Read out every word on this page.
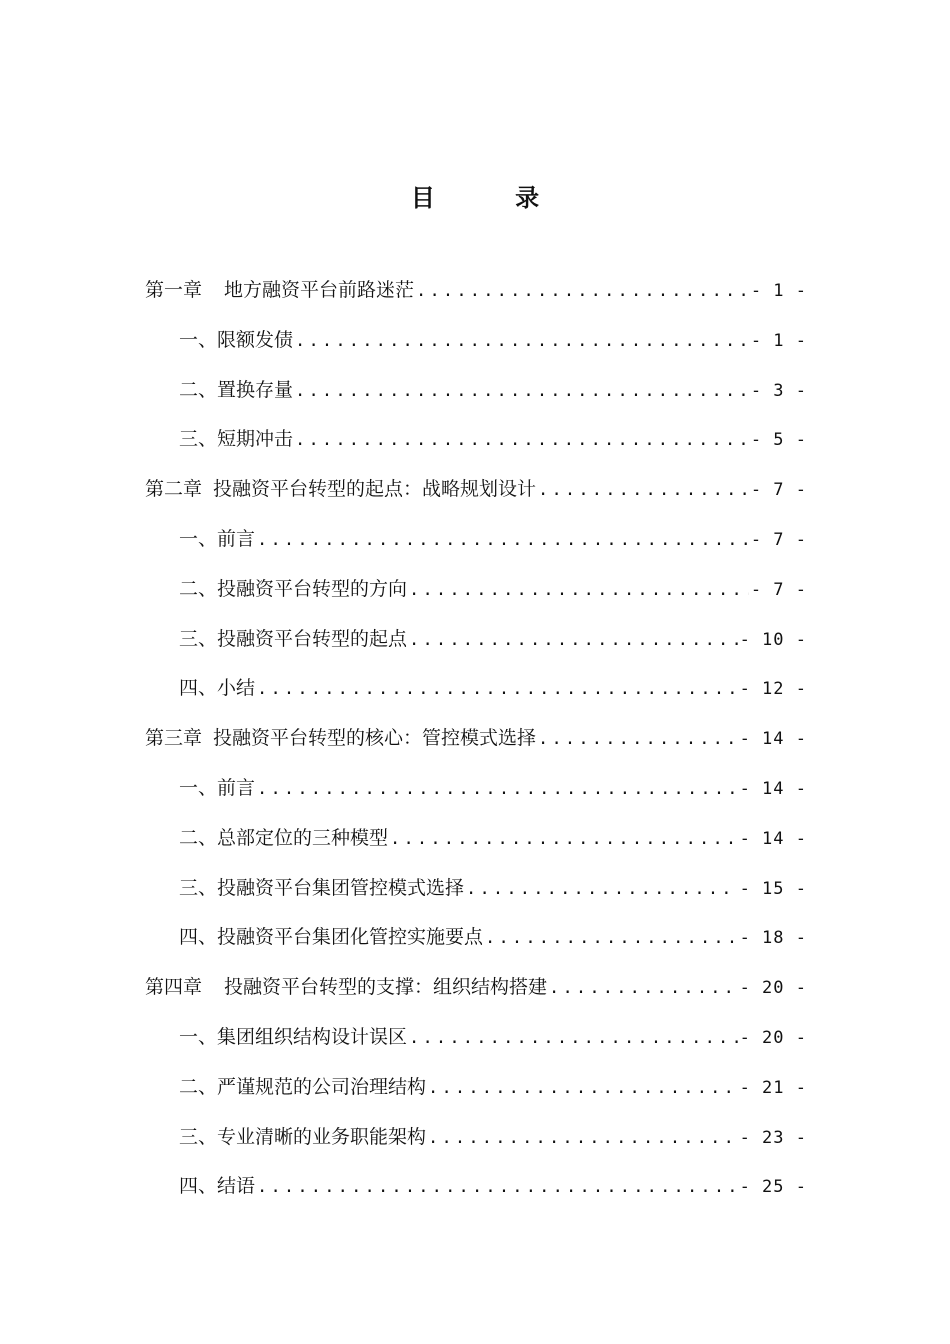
目 录
第一章 地方融资平台前路迷茫 .....	- 1 -
一、限额发债 .....	- 1 -
二、置换存量 .....	- 3 -
三、短期冲击 .....	- 5 -
第二章 投融资平台转型的起点：战略规划设计 .....	- 7 -
一、前言 .....	- 7 -
二、投融资平台转型的方向 .....	- 7 -
三、投融资平台转型的起点 .....	- 10 -
四、小结 .....	- 12 -
第三章 投融资平台转型的核心：管控模式选择 .....	- 14 -
一、前言 .....	- 14 -
二、总部定位的三种模型 .....	- 14 -
三、投融资平台集团管控模式选择 .....	- 15 -
四、投融资平台集团化管控实施要点 .....	- 18 -
第四章 投融资平台转型的支撑：组织结构搭建 .....	- 20 -
一、集团组织结构设计误区 .....	- 20 -
二、严谨规范的公司治理结构 .....	- 21 -
三、专业清晰的业务职能架构 .....	- 23 -
四、结语 .....	- 25 -
